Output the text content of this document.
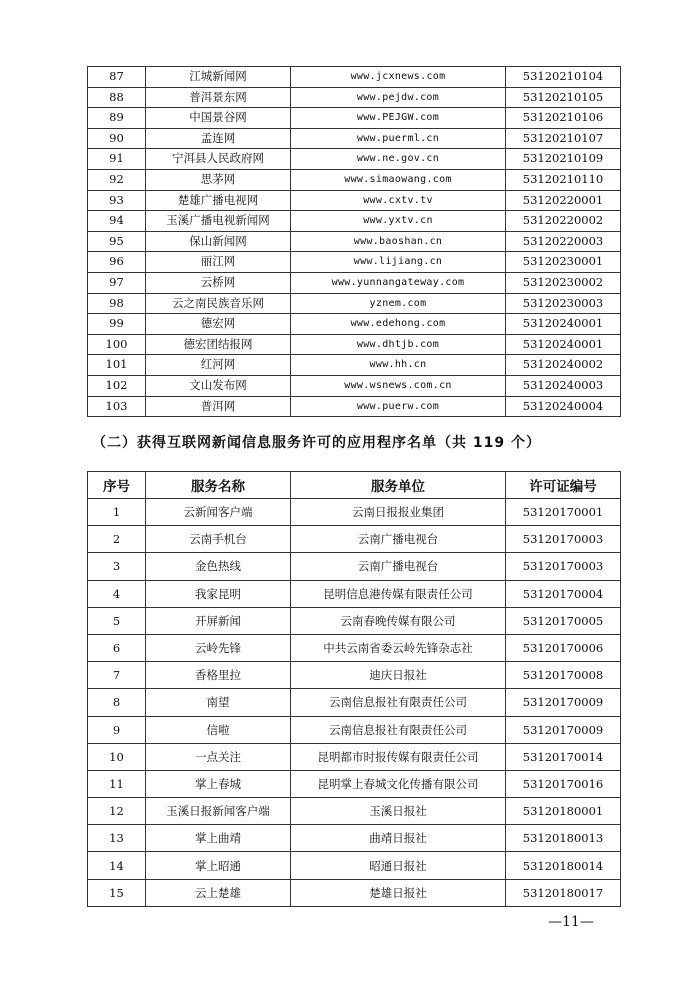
87	江城新闻网	www.jcxnews.com	53120210104
88	普洱景东网	www.pejdw.com	53120210105
89	中国景谷网	www.PEJGW.com	53120210106
90	孟连网	www.puerml.cn	53120210107
91	宁洱县人民政府网	www.ne.gov.cn	53120210109
92	思茅网	www.simaowang.com	53120210110
93	楚雄广播电视网	www.cxtv.tv	53120220001
94	玉溪广播电视新闻网	www.yxtv.cn	53120220002
95	保山新闻网	www.baoshan.cn	53120220003
96	丽江网	www.lijiang.cn	53120230001
97	云桥网	www.yunnangateway.com	53120230002
98	云之南民族音乐网	yznem.com	53120230003
99	德宏网	www.edehong.com	53120240001
100	德宏团结报网	www.dhtjb.com	53120240001
101	红河网	www.hh.cn	53120240002
102	文山发布网	www.wsnews.com.cn	53120240003
103	普洱网	www.puerw.com	53120240004
（二）获得互联网新闻信息服务许可的应用程序名单（共 119 个）
序号	服务名称	服务单位	许可证编号
1	云新闻客户端	云南日报报业集团	53120170001
2	云南手机台	云南广播电视台	53120170003
3	金色热线	云南广播电视台	53120170003
4	我家昆明	昆明信息港传媒有限责任公司	53120170004
5	开屏新闻	云南春晚传媒有限公司	53120170005
6	云岭先锋	中共云南省委云岭先锋杂志社	53120170006
7	香格里拉	迪庆日报社	53120170008
8	南望	云南信息报社有限责任公司	53120170009
9	信啦	云南信息报社有限责任公司	53120170009
10	一点关注	昆明都市时报传媒有限责任公司	53120170014
11	掌上春城	昆明掌上春城文化传播有限公司	53120170016
12	玉溪日报新闻客户端	玉溪日报社	53120180001
13	掌上曲靖	曲靖日报社	53120180013
14	掌上昭通	昭通日报社	53120180014
15	云上楚雄	楚雄日报社	53120180017
—11—
